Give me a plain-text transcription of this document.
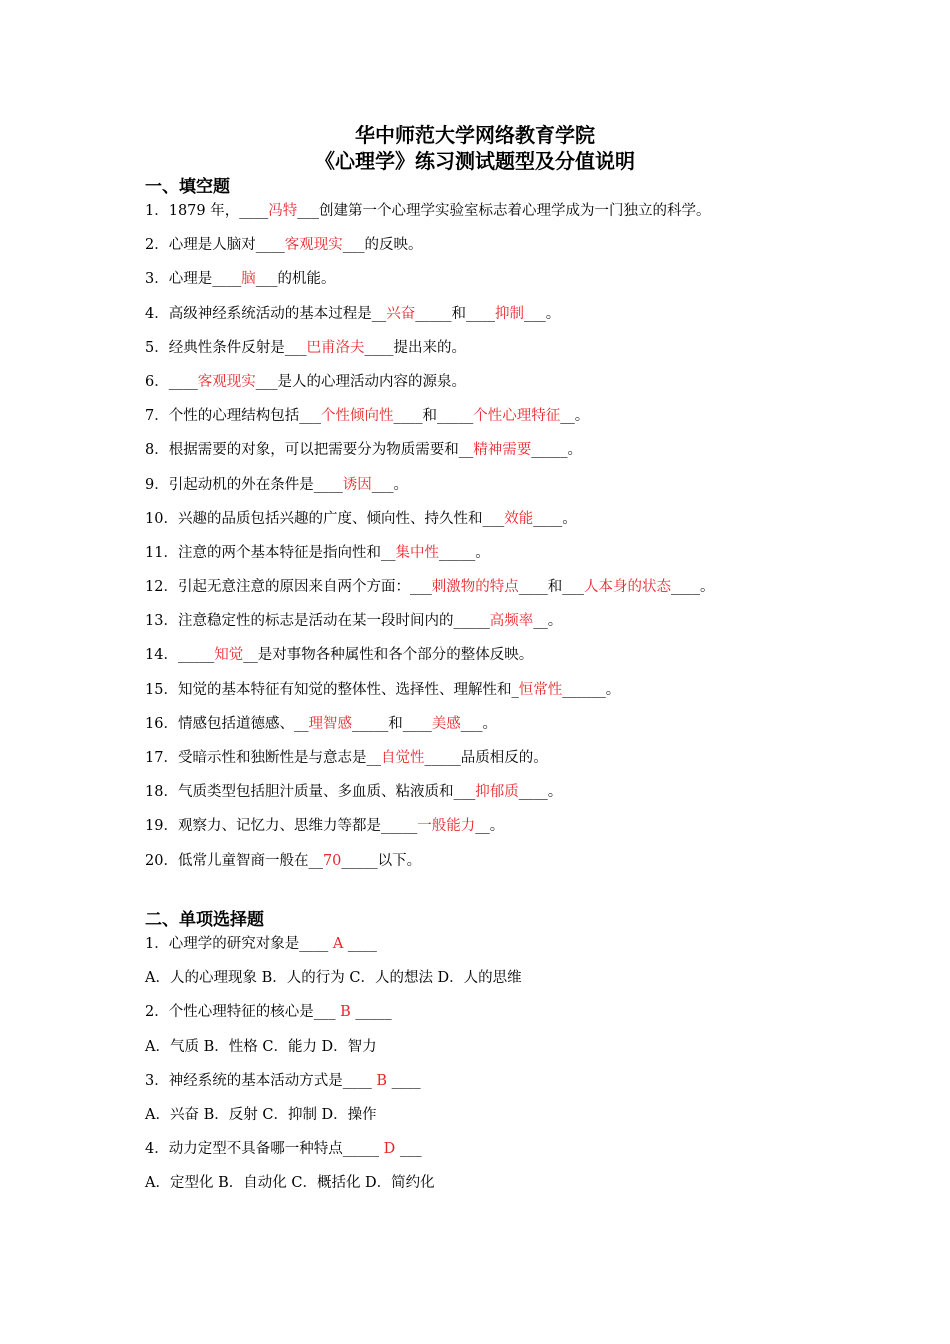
华中师范大学网络教育学院
《心理学》练习测试题型及分值说明
一、填空题
1．1879 年，____冯特___创建第一个心理学实验室标志着心理学成为一门独立的科学。
2．心理是人脑对____客观现实___的反映。
3．心理是____脑___的机能。
4．高级神经系统活动的基本过程是__兴奋_____和____抑制___。
5．经典性条件反射是___巴甫洛夫____提出来的。
6．____客观现实___是人的心理活动内容的源泉。
7．个性的心理结构包括___个性倾向性____和_____个性心理特征__。
8．根据需要的对象，可以把需要分为物质需要和__精神需要_____。
9．引起动机的外在条件是____诱因___。
10．兴趣的品质包括兴趣的广度、倾向性、持久性和___效能____。
11．注意的两个基本特征是指向性和__集中性_____。
12．引起无意注意的原因来自两个方面：___刺激物的特点____和___人本身的状态____。
13．注意稳定性的标志是活动在某一段时间内的_____高频率__。
14．_____知觉__是对事物各种属性和各个部分的整体反映。
15．知觉的基本特征有知觉的整体性、选择性、理解性和_恒常性______。
16．情感包括道德感、__理智感_____和____美感___。
17．受暗示性和独断性是与意志是__自觉性_____品质相反的。
18．气质类型包括胆汁质量、多血质、粘液质和___抑郁质____。
19．观察力、记忆力、思维力等都是_____一般能力__。
20．低常儿童智商一般在__70_____以下。
二、单项选择题
1．心理学的研究对象是____ A ____
A．人的心理现象 B．人的行为 C．人的想法 D．人的思维
2．个性心理特征的核心是___ B _____
A．气质 B．性格 C．能力 D．智力
3．神经系统的基本活动方式是____ B ____
A．兴奋 B．反射 C．抑制 D．操作
4．动力定型不具备哪一种特点_____ D ___
A．定型化 B．自动化 C．概括化 D．简约化
